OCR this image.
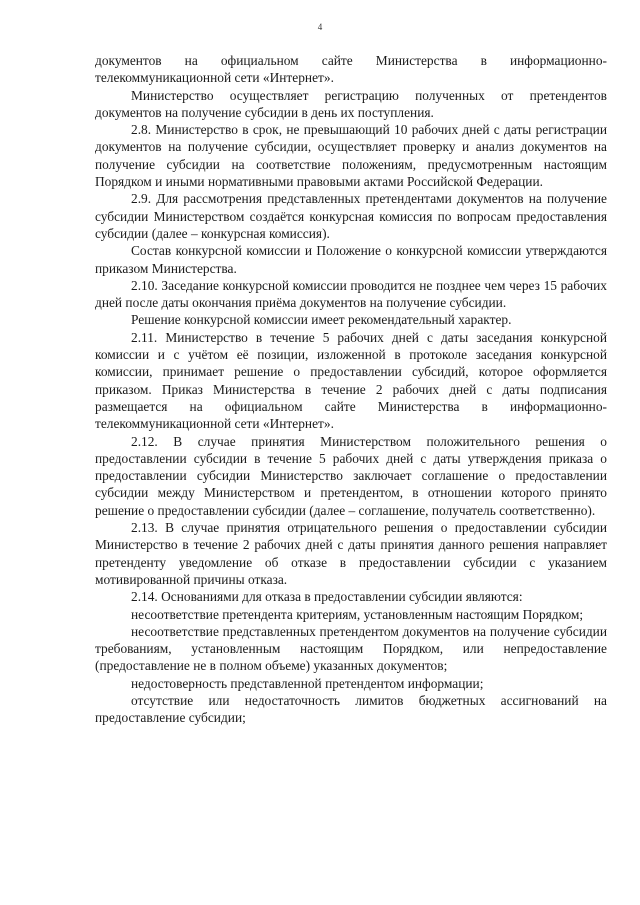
4

документов на официальном сайте Министерства в информационно-телекоммуникационной сети «Интернет».

Министерство осуществляет регистрацию полученных от претендентов документов на получение субсидии в день их поступления.

2.8. Министерство в срок, не превышающий 10 рабочих дней с даты регистрации документов на получение субсидии, осуществляет проверку и анализ документов на получение субсидии на соответствие положениям, предусмотренным настоящим Порядком и иными нормативными правовыми актами Российской Федерации.

2.9. Для рассмотрения представленных претендентами документов на получение субсидии Министерством создаётся конкурсная комиссия по вопросам предоставления субсидии (далее – конкурсная комиссия).

Состав конкурсной комиссии и Положение о конкурсной комиссии утверждаются приказом Министерства.

2.10. Заседание конкурсной комиссии проводится не позднее чем через 15 рабочих дней после даты окончания приёма документов на получение субсидии.

Решение конкурсной комиссии имеет рекомендательный характер.

2.11. Министерство в течение 5 рабочих дней с даты заседания конкурсной комиссии и с учётом её позиции, изложенной в протоколе заседания конкурсной комиссии, принимает решение о предоставлении субсидий, которое оформляется приказом. Приказ Министерства в течение 2 рабочих дней с даты подписания размещается на официальном сайте Министерства в информационно-телекоммуникационной сети «Интернет».

2.12. В случае принятия Министерством положительного решения о предоставлении субсидии в течение 5 рабочих дней с даты утверждения приказа о предоставлении субсидии Министерство заключает соглашение о предоставлении субсидии между Министерством и претендентом, в отношении которого принято решение о предоставлении субсидии (далее – соглашение, получатель соответственно).

2.13. В случае принятия отрицательного решения о предоставлении субсидии Министерство в течение 2 рабочих дней с даты принятия данного решения направляет претенденту уведомление об отказе в предоставлении субсидии с указанием мотивированной причины отказа.

2.14. Основаниями для отказа в предоставлении субсидии являются:

несоответствие претендента критериям, установленным настоящим Порядком;

несоответствие представленных претендентом документов на получение субсидии требованиям, установленным настоящим Порядком, или непредоставление (предоставление не в полном объеме) указанных документов;

недостоверность представленной претендентом информации;

отсутствие или недостаточность лимитов бюджетных ассигнований на предоставление субсидии;
